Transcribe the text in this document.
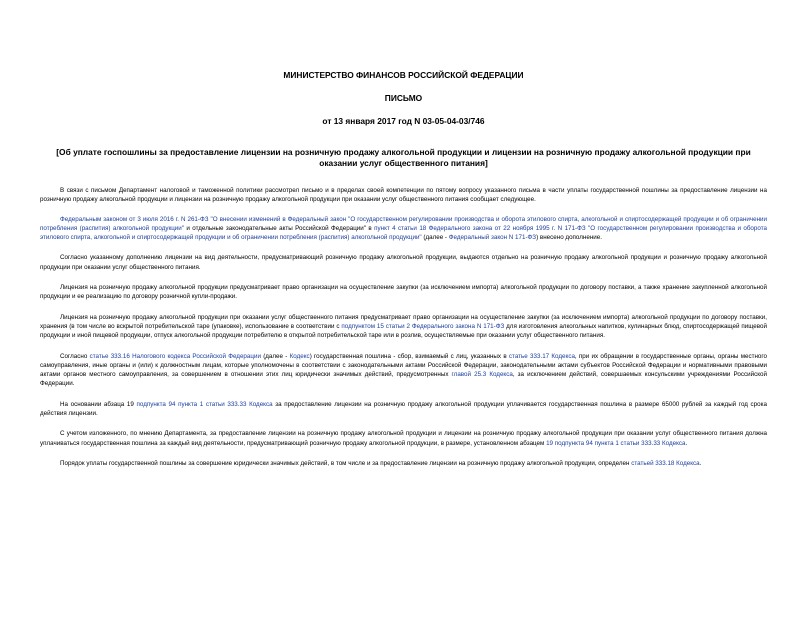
МИНИСТЕРСТВО ФИНАНСОВ РОССИЙСКОЙ ФЕДЕРАЦИИ
ПИСЬМО
от 13 января 2017 год N 03-05-04-03/746
[Об уплате госпошлины за предоставление лицензии на розничную продажу алкогольной продукции и лицензии на розничную продажу алкогольной продукции при оказании услуг общественного питания]

В связи с письмом Департамент налоговой и таможенной политики рассмотрел письмо и в пределах своей компетенции по пятому вопросу указанного письма в части уплаты государственной пошлины за предоставление лицензии на розничную продажу алкогольной продукции и лицензии на розничную продажу алкогольной продукции при оказании услуг общественного питания сообщает следующее.

Федеральным законом от 3 июля 2016 г. N 261-ФЗ "О внесении изменений в Федеральный закон "О государственном регулировании производства и оборота этилового спирта, алкогольной и спиртосодержащей продукции и об ограничении потребления (распития) алкогольной продукции" и отдельные законодательные акты Российской Федерации" в пункт 4 статьи 18 Федерального закона от 22 ноября 1995 г. N 171-ФЗ "О государственном регулировании производства и оборота этилового спирта, алкогольной и спиртосодержащей продукции и об ограничении потребления (распития) алкогольной продукции" (далее - Федеральный закон N 171-ФЗ) внесено дополнение.

Согласно указанному дополнению лицензии на вид деятельности, предусматривающий розничную продажу алкогольной продукции, выдаются отдельно на розничную продажу алкогольной продукции и розничную продажу алкогольной продукции при оказании услуг общественного питания.

Лицензия на розничную продажу алкогольной продукции предусматривает право организации на осуществление закупки (за исключением импорта) алкогольной продукции по договору поставки, а также хранение закупленной алкогольной продукции и ее реализацию по договору розничной купли-продажи.

Лицензия на розничную продажу алкогольной продукции при оказании услуг общественного питания предусматривает право организации на осуществление закупки (за исключением импорта) алкогольной продукции по договору поставки, хранения (в том числе во вскрытой потребительской таре (упаковке), использование в соответствии с подпунктом 15 статьи 2 Федерального закона N 171-ФЗ для изготовления алкогольных напитков, кулинарных блюд, спиртосодержащей пищевой продукции и иной пищевой продукции, отпуск алкогольной продукции потребителю в открытой потребительской таре или в розлив, осуществляемые при оказании услуг общественного питания.

Согласно статье 333.16 Налогового кодекса Российской Федерации (далее - Кодекс) государственная пошлина - сбор, взимаемый с лиц, указанных в статье 333.17 Кодекса, при их обращении в государственные органы, органы местного самоуправления, иные органы и (или) к должностным лицам, которые уполномочены в соответствии с законодательными актами Российской Федерации, законодательными актами субъектов Российской Федерации и нормативными правовыми актами органов местного самоуправления, за совершением в отношении этих лиц юридически значимых действий, предусмотренных главой 25.3 Кодекса, за исключением действий, совершаемых консульскими учреждениями Российской Федерации.

На основании абзаца 19 подпункта 94 пункта 1 статьи 333.33 Кодекса за предоставление лицензии на розничную продажу алкогольной продукции уплачивается государственная пошлина в размере 65000 рублей за каждый год срока действия лицензии.

С учетом изложенного, по мнению Департамента, за предоставление лицензии на розничную продажу алкогольной продукции и лицензии на розничную продажу алкогольной продукции при оказании услуг общественного питания должна уплачиваться государственная пошлина за каждый вид деятельности, предусматривающий розничную продажу алкогольной продукции, в размере, установленном абзацем 19 подпункта 94 пункта 1 статьи 333.33 Кодекса.

Порядок уплаты государственной пошлины за совершение юридически значимых действий, в том числе и за предоставление лицензии на розничную продажу алкогольной продукции, определен статьей 333.18 Кодекса.
